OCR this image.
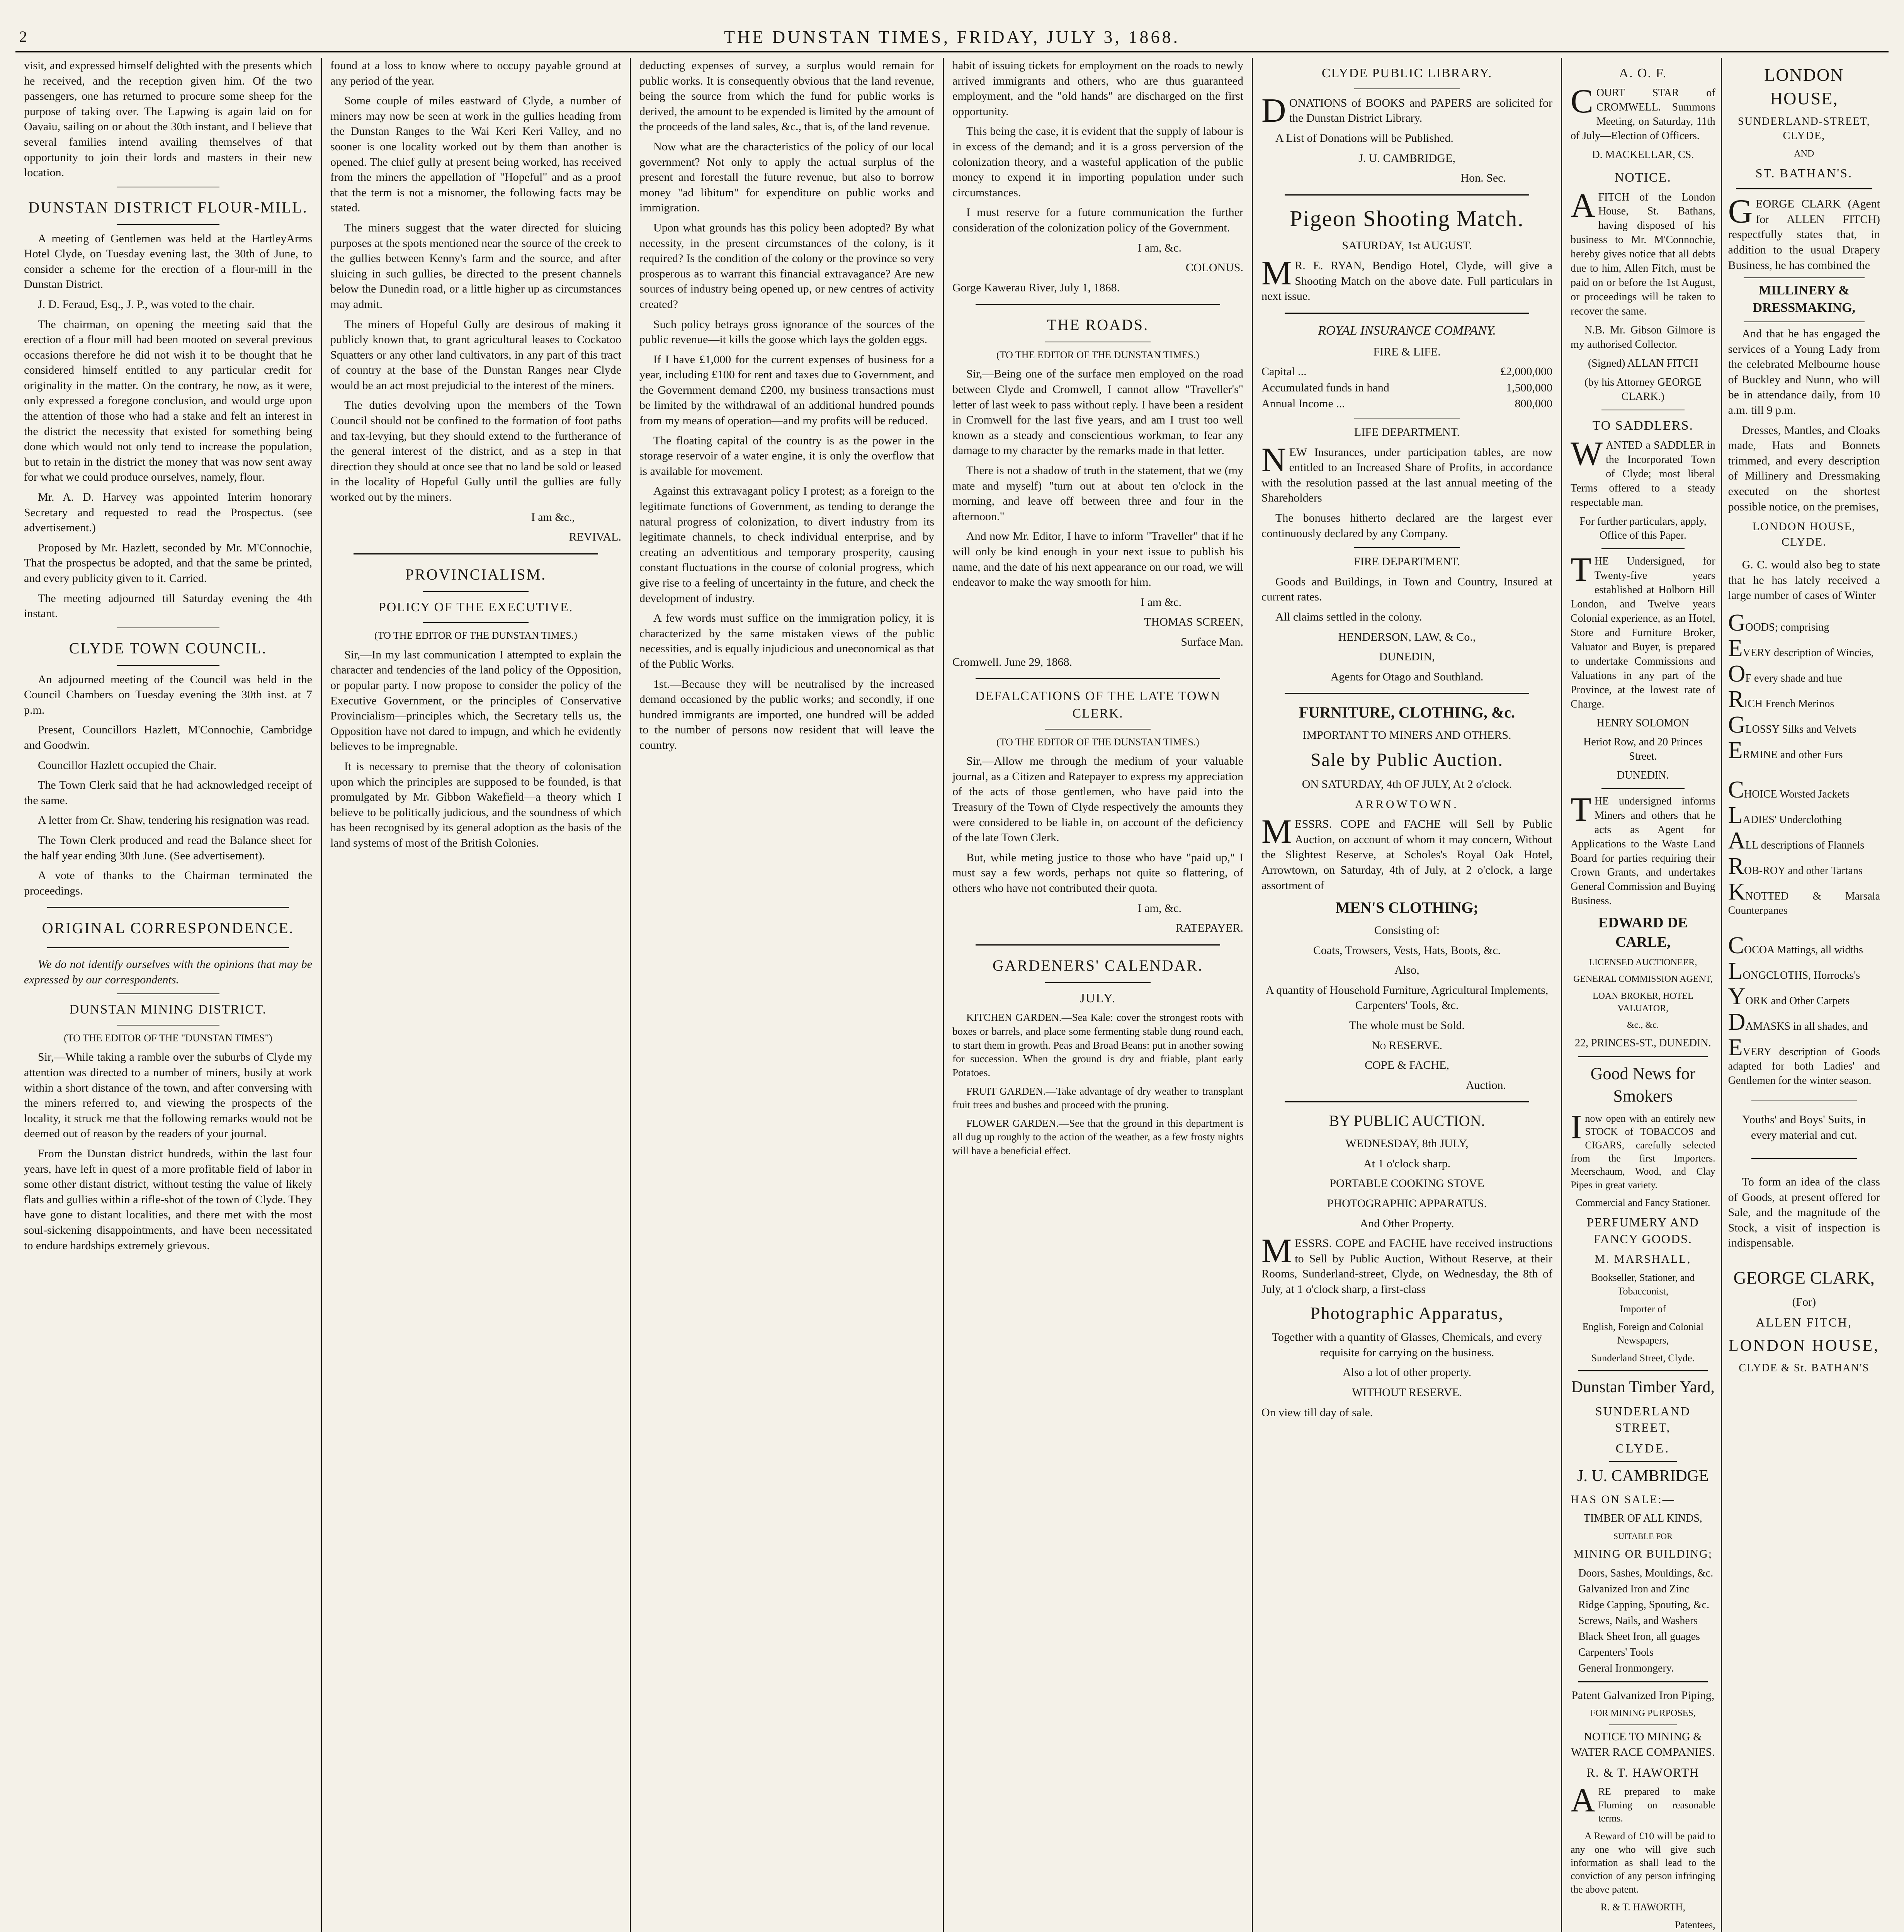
2	THE DUNSTAN TIMES, FRIDAY, JULY 3, 1868.

visit, and expressed himself delighted with the presents which he received, and the reception given him. Of the two passengers, one has returned to procure some sheep for the purpose of taking over. The Lapwing is again laid on for Oavaiu, sailing on or about the 30th instant, and I believe that several families intend availing themselves of that opportunity to join their lords and masters in their new location.

DUNSTAN DISTRICT FLOUR-MILL.

A meeting of Gentlemen was held at the HartleyArms Hotel Clyde, on Tuesday evening last, the 30th of June, to consider a scheme for the erection of a flour-mill in the Dunstan District.

J. D. Feraud, Esq., J. P., was voted to the chair.

The chairman, on opening the meeting said that the erection of a flour mill had been mooted on several previous occasions therefore he did not wish it to be thought that he considered himself entitled to any particular credit for originality in the matter. On the contrary, he now, as it were, only expressed a foregone conclusion, and would urge upon the attention of those who had a stake and felt an interest in the district the necessity that existed for something being done which would not only tend to increase the population, but to retain in the district the money that was now sent away for what we could produce ourselves, namely, flour.

Mr. A. D. Harvey was appointed Interim honorary Secretary and requested to read the Prospectus. (see advertisement.)

Proposed by Mr. Hazlett, seconded by Mr. M'Connochie, That the prospectus be adopted, and that the same be printed, and every publicity given to it. Carried.

The meeting adjourned till Saturday evening the 4th instant.

CLYDE TOWN COUNCIL.

An adjourned meeting of the Council was held in the Council Chambers on Tuesday evening the 30th inst. at 7 p.m.

Present, Councillors Hazlett, M'Connochie, Cambridge and Goodwin.

Councillor Hazlett occupied the Chair.

The Town Clerk said that he had acknowledged receipt of the same.

A letter from Cr. Shaw, tendering his resignation was read.

The Town Clerk produced and read the Balance sheet for the half year ending 30th June. (See advertisement).

A vote of thanks to the Chairman terminated the proceedings.

ORIGINAL CORRESPONDENCE.

We do not identify ourselves with the opinions that may be expressed by our correspondents.

DUNSTAN MINING DISTRICT.

(TO THE EDITOR OF THE "DUNSTAN TIMES")

Sir,—While taking a ramble over the suburbs of Clyde my attention was directed to a number of miners, busily at work within a short distance of the town, and after conversing with the miners referred to, and viewing the prospects of the locality, it struck me that the following remarks would not be deemed out of reason by the readers of your journal.

From the Dunstan district hundreds, within the last four years, have left in quest of a more profitable field of labor in some other distant district, without testing the value of likely flats and gullies within a rifle-shot of the town of Clyde. They have gone to distant localities, and there met with the most soul-sickening disappointments, and have been necessitated to endure hardships extremely grievous.

found at a loss to know where to occupy payable ground at any period of the year.

Some couple of miles eastward of Clyde, a number of miners may now be seen at work in the gullies heading from the Dunstan Ranges to the Wai Keri Keri Valley, and no sooner is one locality worked out by them than another is opened. The chief gully at present being worked, has received from the miners the appellation of "Hopeful" and as a proof that the term is not a misnomer, the following facts may be stated.

The miners suggest that the water directed for sluicing purposes at the spots mentioned near the source of the creek to the gullies between Kenny's farm and the source, and after sluicing in such gullies, be directed to the present channels below the Dunedin road, or a little higher up as circumstances may admit.

The miners of Hopeful Gully are desirous of making it publicly known that, to grant agricultural leases to Cockatoo Squatters or any other land cultivators, in any part of this tract of country at the base of the Dunstan Ranges near Clyde would be an act most prejudicial to the interest of the miners.

The duties devolving upon the members of the Town Council should not be confined to the formation of foot paths and tax-levying, but they should extend to the furtherance of the general interest of the district, and as a step in that direction they should at once see that no land be sold or leased in the locality of Hopeful Gully until the gullies are fully worked out by the miners.

I am &c.,

REVIVAL.

PROVINCIALISM.
POLICY OF THE EXECUTIVE.

(TO THE EDITOR OF THE DUNSTAN TIMES.)

Sir,—In my last communication I attempted to explain the character and tendencies of the land policy of the Opposition, or popular party. I now propose to consider the policy of the Executive Government, or the principles of Conservative Provincialism—principles which, the Secretary tells us, the Opposition have not dared to impugn, and which he evidently believes to be impregnable.

It is necessary to premise that the theory of colonisation upon which the principles are supposed to be founded, is that promulgated by Mr. Gibbon Wakefield—a theory which I believe to be politically judicious, and the soundness of which has been recognised by its general adoption as the basis of the land systems of most of the British Colonies.

deducting expenses of survey, a surplus would remain for public works. It is consequently obvious that the land revenue, being the source from which the fund for public works is derived, the amount to be expended is limited by the amount of the proceeds of the land sales, &c., that is, of the land revenue.

Now what are the characteristics of the policy of our local government? Not only to apply the actual surplus of the present and forestall the future revenue, but also to borrow money "ad libitum" for expenditure on public works and immigration.

Upon what grounds has this policy been adopted? By what necessity, in the present circumstances of the colony, is it required? Is the condition of the colony or the province so very prosperous as to warrant this financial extravagance? Are new sources of industry being opened up, or new centres of activity created?

Such policy betrays gross ignorance of the sources of the public revenue—it kills the goose which lays the golden eggs.

If I have £1,000 for the current expenses of business for a year, including £100 for rent and taxes due to Government, and the Government demand £200, my business transactions must be limited by the withdrawal of an additional hundred pounds from my means of operation—and my profits will be reduced.

The floating capital of the country is as the power in the storage reservoir of a water engine, it is only the overflow that is available for movement.

Against this extravagant policy I protest; as a foreign to the legitimate functions of Government, as tending to derange the natural progress of colonization, to divert industry from its legitimate channels, to check individual enterprise, and by creating an adventitious and temporary prosperity, causing constant fluctuations in the course of colonial progress, which give rise to a feeling of uncertainty in the future, and check the development of industry.

A few words must suffice on the immigration policy, it is characterized by the same mistaken views of the public necessities, and is equally injudicious and uneconomical as that of the Public Works.

1st.—Because they will be neutralised by the increased demand occasioned by the public works; and secondly, if one hundred immigrants are imported, one hundred will be added to the number of persons now resident that will leave the country.

habit of issuing tickets for employment on the roads to newly arrived immigrants and others, who are thus guaranteed employment, and the "old hands" are discharged on the first opportunity.

This being the case, it is evident that the supply of labour is in excess of the demand; and it is a gross perversion of the colonization theory, and a wasteful application of the public money to expend it in importing population under such circumstances.

I must reserve for a future communication the further consideration of the colonization policy of the Government.

I am, &c.

COLONUS.

Gorge Kawerau River, July 1, 1868.

THE ROADS.

(TO THE EDITOR OF THE DUNSTAN TIMES.)

Sir,—Being one of the surface men employed on the road between Clyde and Cromwell, I cannot allow "Traveller's" letter of last week to pass without reply. I have been a resident in Cromwell for the last five years, and am I trust too well known as a steady and conscientious workman, to fear any damage to my character by the remarks made in that letter.

There is not a shadow of truth in the statement, that we (my mate and myself) "turn out at about ten o'clock in the morning, and leave off between three and four in the afternoon."

And now Mr. Editor, I have to inform "Traveller" that if he will only be kind enough in your next issue to publish his name, and the date of his next appearance on our road, we will endeavor to make the way smooth for him.

I am &c.

THOMAS SCREEN,

Surface Man.

Cromwell. June 29, 1868.

DEFALCATIONS OF THE LATE TOWN CLERK.

(TO THE EDITOR OF THE DUNSTAN TIMES.)

Sir,—Allow me through the medium of your valuable journal, as a Citizen and Ratepayer to express my appreciation of the acts of those gentlemen, who have paid into the Treasury of the Town of Clyde respectively the amounts they were considered to be liable in, on account of the deficiency of the late Town Clerk.

But, while meting justice to those who have "paid up," I must say a few words, perhaps not quite so flattering, of others who have not contributed their quota.

I am, &c.

RATEPAYER.

GARDENERS' CALENDAR.
JULY.

KITCHEN GARDEN.—Sea Kale: cover the strongest roots with boxes or barrels, and place some fermenting stable dung round each, to start them in growth. Peas and Broad Beans: put in another sowing for succession. When the ground is dry and friable, plant early Potatoes.

FRUIT GARDEN.—Take advantage of dry weather to transplant fruit trees and bushes and proceed with the pruning.

FLOWER GARDEN.—See that the ground in this department is all dug up roughly to the action of the weather, as a few frosty nights will have a beneficial effect.

CLYDE PUBLIC LIBRARY.

DONATIONS of BOOKS and PAPERS are solicited for the Dunstan District Library.

A List of Donations will be Published.

J. U. CAMBRIDGE,

Hon. Sec.

Pigeon Shooting Match.

SATURDAY, 1st AUGUST.

MR. E. RYAN, Bendigo Hotel, Clyde, will give a Shooting Match on the above date. Full particulars in next issue.

ROYAL INSURANCE COMPANY.

FIRE & LIFE.

Capital ...	£2,000,000
Accumulated funds in hand	1,500,000
Annual Income ...	800,000

LIFE DEPARTMENT.

NEW Insurances, under participation tables, are now entitled to an Increased Share of Profits, in accordance with the resolution passed at the last annual meeting of the Shareholders

The bonuses hitherto declared are the largest ever continuously declared by any Company.

FIRE DEPARTMENT.

Goods and Buildings, in Town and Country, Insured at current rates.

All claims settled in the colony.

HENDERSON, LAW, & Co.,

DUNEDIN,

Agents for Otago and Southland.

FURNITURE, CLOTHING, &c.

IMPORTANT TO MINERS AND OTHERS.

Sale by Public Auction.

ON SATURDAY, 4th OF JULY, At 2 o'clock.

ARROWTOWN.

MESSRS. COPE and FACHE will Sell by Public Auction, on account of whom it may concern, Without the Slightest Reserve, at Scholes's Royal Oak Hotel, Arrowtown, on Saturday, 4th of July, at 2 o'clock, a large assortment of

MEN'S CLOTHING;

Consisting of:

Coats, Trowsers, Vests, Hats, Boots, &c.

Also,

A quantity of Household Furniture, Agricultural Implements, Carpenters' Tools, &c.

The whole must be Sold.

No RESERVE.

COPE & FACHE,

Auction.

BY PUBLIC AUCTION.

WEDNESDAY, 8th JULY,

At 1 o'clock sharp.

PORTABLE COOKING STOVE

PHOTOGRAPHIC APPARATUS.

And Other Property.

MESSRS. COPE and FACHE have received instructions to Sell by Public Auction, Without Reserve, at their Rooms, Sunderland-street, Clyde, on Wednesday, the 8th of July, at 1 o'clock sharp, a first-class

Photographic Apparatus,

Together with a quantity of Glasses, Chemicals, and every requisite for carrying on the business.

Also a lot of other property.

WITHOUT RESERVE.

On view till day of sale.

A. O. F.

COURT STAR of CROMWELL. Summons Meeting, on Saturday, 11th of July—Election of Officers.

D. MACKELLAR, CS.

NOTICE.

AFITCH of the London House, St. Bathans, having disposed of his business to Mr. M'Connochie, hereby gives notice that all debts due to him, Allen Fitch, must be paid on or before the 1st August, or proceedings will be taken to recover the same.

N.B. Mr. Gibson Gilmore is my authorised Collector.

(Signed) ALLAN FITCH

(by his Attorney GEORGE CLARK.)

TO SADDLERS.

WANTED a SADDLER in the Incorporated Town of Clyde; most liberal Terms offered to a steady respectable man.

For further particulars, apply, Office of this Paper.

THE Undersigned, for Twenty-five years established at Holborn Hill London, and Twelve years Colonial experience, as an Hotel, Store and Furniture Broker, Valuator and Buyer, is prepared to undertake Commissions and Valuations in any part of the Province, at the lowest rate of Charge.

HENRY SOLOMON

Heriot Row, and 20 Princes Street.

DUNEDIN.

THE undersigned informs Miners and others that he acts as Agent for Applications to the Waste Land Board for parties requiring their Crown Grants, and undertakes General Commission and Buying Business.

EDWARD DE CARLE,

LICENSED AUCTIONEER,

GENERAL COMMISSION AGENT,

LOAN BROKER, HOTEL VALUATOR,

&c., &c.

22, PRINCES-ST., DUNEDIN.

Good News for Smokers

Inow open with an entirely new STOCK of TOBACCOS and CIGARS, carefully selected from the first Importers. Meerschaum, Wood, and Clay Pipes in great variety.

Commercial and Fancy Stationer.

PERFUMERY AND FANCY GOODS.

M. MARSHALL,

Bookseller, Stationer, and Tobacconist,

Importer of

English, Foreign and Colonial Newspapers,

Sunderland Street, Clyde.

Dunstan Timber Yard,

SUNDERLAND STREET,

CLYDE.

J. U. CAMBRIDGE

HAS ON SALE:—

TIMBER OF ALL KINDS,

SUITABLE FOR

MINING OR BUILDING;

Doors, Sashes, Mouldings, &c.

Galvanized Iron and Zinc

Ridge Capping, Spouting, &c.

Screws, Nails, and Washers

Black Sheet Iron, all guages

Carpenters' Tools

General Ironmongery.

Patent Galvanized Iron Piping,

FOR MINING PURPOSES,

NOTICE TO MINING & WATER RACE COMPANIES.

R. & T. HAWORTH

ARE prepared to make Fluming on reasonable terms.

A Reward of £10 will be paid to any one who will give such information as shall lead to the conviction of any person infringing the above patent.

R. & T. HAWORTH,

Patentees,

LONDON HOUSE,

SUNDERLAND-STREET, CLYDE,

AND

ST. BATHAN'S.

GEORGE CLARK (Agent for ALLEN FITCH) respectfully states that, in addition to the usual Drapery Business, he has combined the

MILLINERY & DRESSMAKING,

And that he has engaged the services of a Young Lady from the celebrated Melbourne house of Buckley and Nunn, who will be in attendance daily, from 10 a.m. till 9 p.m.

Dresses, Mantles, and Cloaks made, Hats and Bonnets trimmed, and every description of Millinery and Dressmaking executed on the shortest possible notice, on the premises,

LONDON HOUSE, CLYDE.

G. C. would also beg to state that he has lately received a large number of cases of Winter

GOODS; comprising

EVERY description of Wincies,

OF every shade and hue

RICH French Merinos

GLOSSY Silks and Velvets

ERMINE and other Furs

CHOICE Worsted Jackets

LADIES' Underclothing

ALL descriptions of Flannels

ROB-ROY and other Tartans

KNOTTED & Marsala Counterpanes

COCOA Mattings, all widths

LONGCLOTHS, Horrocks's

YORK and Other Carpets

DAMASKS in all shades, and

EVERY description of Goods adapted for both Ladies' and Gentlemen for the winter season.

Youths' and Boys' Suits, in every material and cut.

To form an idea of the class of Goods, at present offered for Sale, and the magnitude of the Stock, a visit of inspection is indispensable.

GEORGE CLARK,

(For)

ALLEN FITCH,

LONDON HOUSE,

CLYDE & St. BATHAN'S
